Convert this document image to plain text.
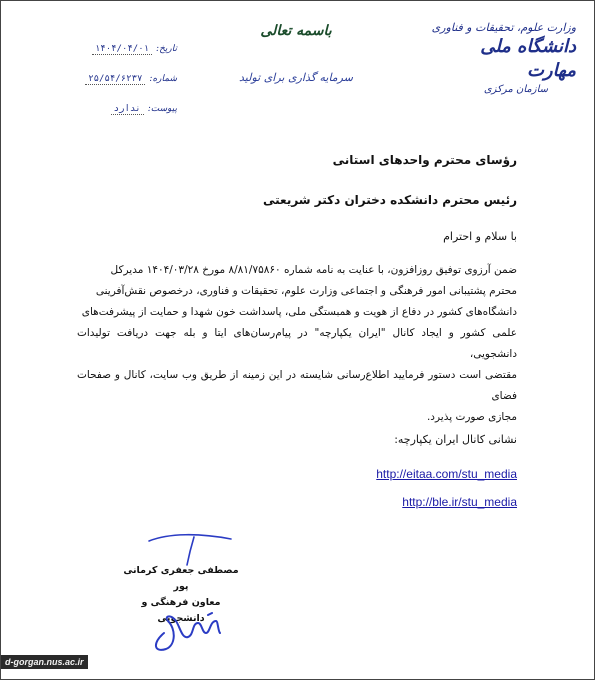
وزارت علوم، تحقیقات و فناوری
دانشگاه ملی مهارت
سازمان مرکزی
باسمه تعالی
سرمایه گذاری برای تولید
تاریخ:
۱۴۰۴/۰۴/۰۱
شماره:
۲۵/۵۴/۶۲۳۷
پیوست:
ندارد
رؤسای محترم واحدهای استانی
رئیس محترم دانشکده دختران دکتر شریعتی
با سلام و احترام
ضمن آرزوی توفیق روزافزون، با عنایت به نامه شماره ۸/۸۱/۷۵۸۶۰ مورخ ۱۴۰۴/۰۳/۲۸ مدیرکل
محترم پشتیبانی امور فرهنگی و اجتماعی وزارت علوم، تحقیقات و فناوری، درخصوص نقش‌آفرینی
دانشگاه‌های کشور در دفاع از هویت و همبستگی ملی، پاسداشت خون شهدا و حمایت از پیشرفت‌های
علمی کشور و ایجاد کانال "ایران یکپارچه" در پیام‌رسان‌های ایتا و بله جهت دریافت تولیدات دانشجویی،
مقتضی است دستور فرمایید اطلاع‌رسانی شایسته در این زمینه از طریق وب سایت، کانال و صفحات فضای
مجازی صورت پذیرد.
نشانی کانال ایران یکپارچه:
http://eitaa.com/stu_media
http://ble.ir/stu_media
مصطفی جعفری کرمانی پور
معاون فرهنگی و دانشجویی
d-gorgan.nus.ac.ir
